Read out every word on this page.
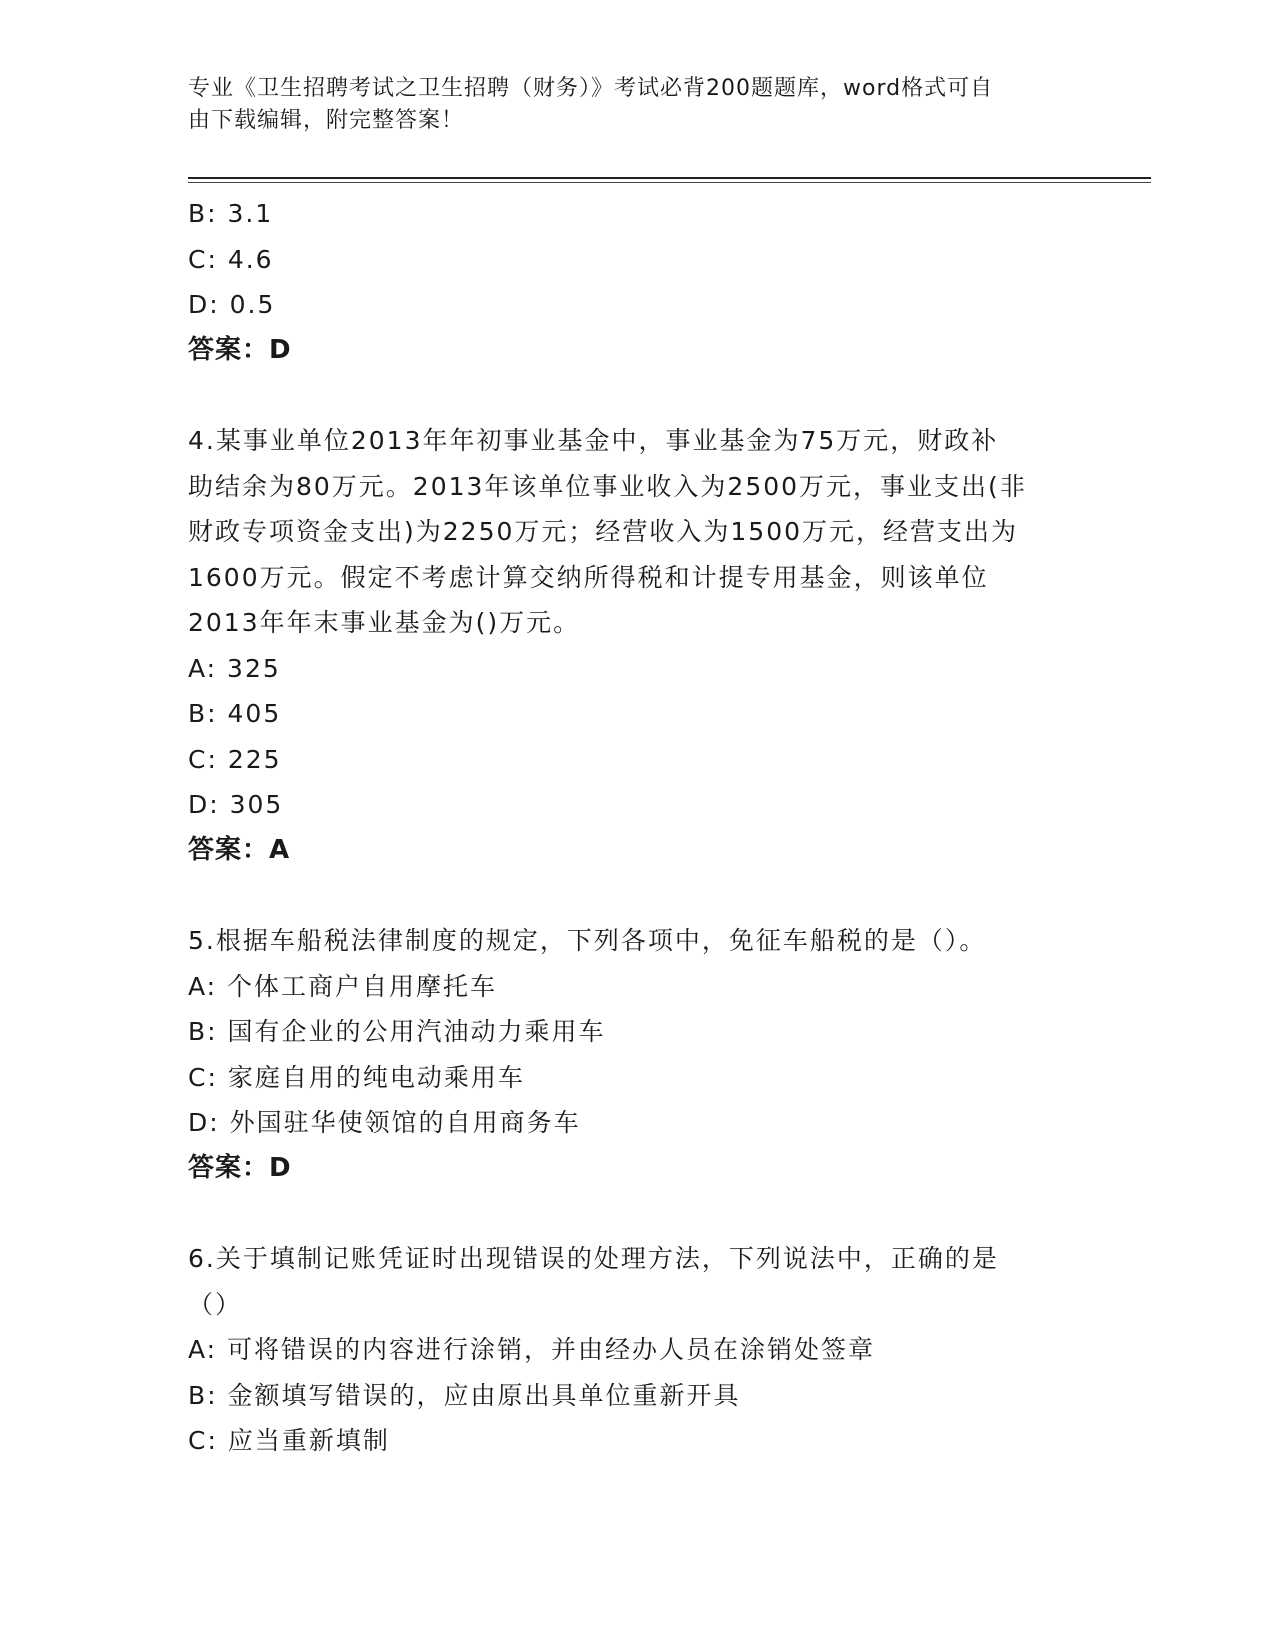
专业《卫生招聘考试之卫生招聘（财务）》考试必背200题题库，word格式可自
由下载编辑，附完整答案！
B: 3.1
C: 4.6
D: 0.5
答案：D
4.某事业单位2013年年初事业基金中，事业基金为75万元，财政补
助结余为80万元。2013年该单位事业收入为2500万元，事业支出(非
财政专项资金支出)为2250万元；经营收入为1500万元，经营支出为
1600万元。假定不考虑计算交纳所得税和计提专用基金，则该单位
2013年年末事业基金为()万元。
A: 325
B: 405
C: 225
D: 305
答案：A
5.根据车船税法律制度的规定，下列各项中，免征车船税的是（）。
A: 个体工商户自用摩托车
B: 国有企业的公用汽油动力乘用车
C: 家庭自用的纯电动乘用车
D: 外国驻华使领馆的自用商务车
答案：D
6.关于填制记账凭证时出现错误的处理方法，下列说法中，正确的是
（）
A: 可将错误的内容进行涂销，并由经办人员在涂销处签章
B: 金额填写错误的，应由原出具单位重新开具
C: 应当重新填制
